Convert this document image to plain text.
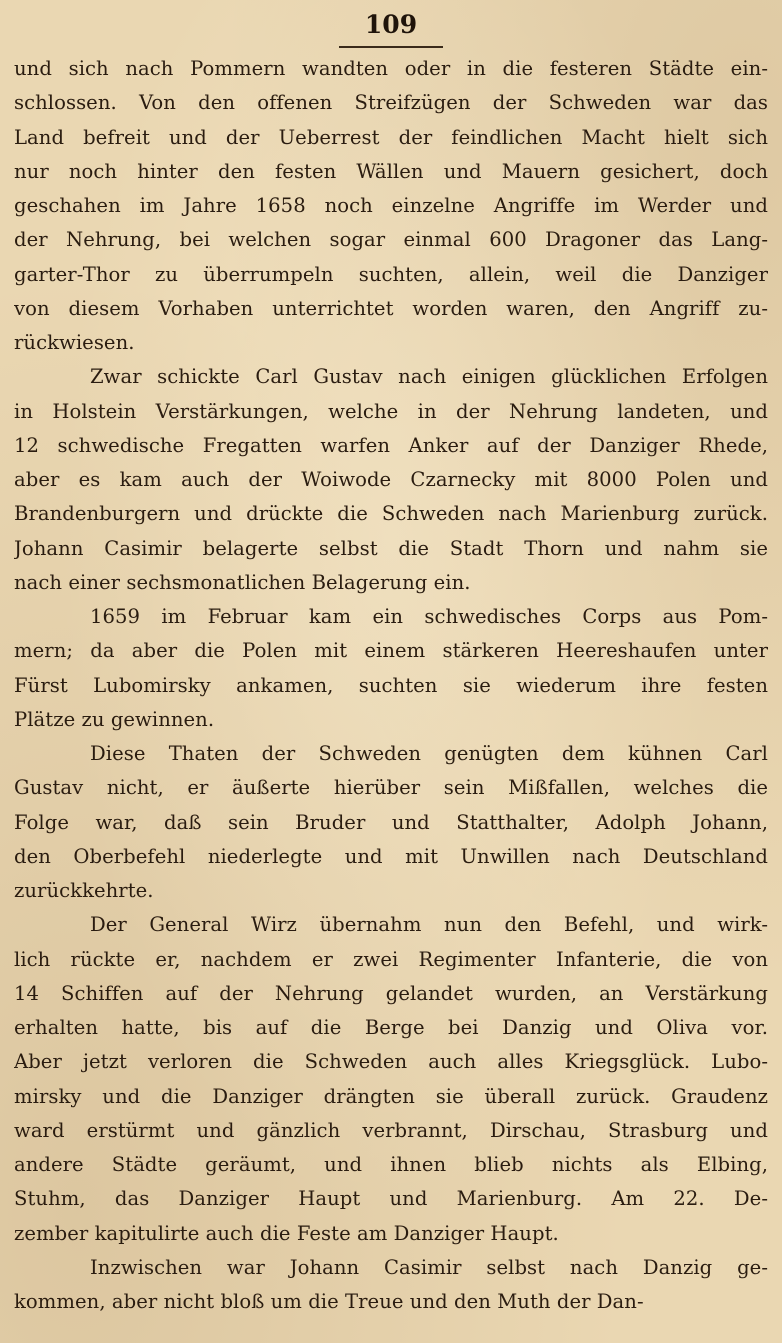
109
und sich nach Pommern wandten oder in die festeren Städte ein-
schlossen. Von den offenen Streifzügen der Schweden war das
Land befreit und der Ueberrest der feindlichen Macht hielt sich
nur noch hinter den festen Wällen und Mauern gesichert, doch
geschahen im Jahre 1658 noch einzelne Angriffe im Werder und
der Nehrung, bei welchen sogar einmal 600 Dragoner das Lang-
garter-Thor zu überrumpeln suchten, allein, weil die Danziger
von diesem Vorhaben unterrichtet worden waren, den Angriff zu-
rückwiesen.
Zwar schickte Carl Gustav nach einigen glücklichen Erfolgen
in Holstein Verstärkungen, welche in der Nehrung landeten, und
12 schwedische Fregatten warfen Anker auf der Danziger Rhede,
aber es kam auch der Woiwode Czarnecky mit 8000 Polen und
Brandenburgern und drückte die Schweden nach Marienburg zurück.
Johann Casimir belagerte selbst die Stadt Thorn und nahm sie
nach einer sechsmonatlichen Belagerung ein.
1659 im Februar kam ein schwedisches Corps aus Pom-
mern; da aber die Polen mit einem stärkeren Heereshaufen unter
Fürst Lubomirsky ankamen, suchten sie wiederum ihre festen
Plätze zu gewinnen.
Diese Thaten der Schweden genügten dem kühnen Carl
Gustav nicht, er äußerte hierüber sein Mißfallen, welches die
Folge war, daß sein Bruder und Statthalter, Adolph Johann,
den Oberbefehl niederlegte und mit Unwillen nach Deutschland
zurückkehrte.
Der General Wirz übernahm nun den Befehl, und wirk-
lich rückte er, nachdem er zwei Regimenter Infanterie, die von
14 Schiffen auf der Nehrung gelandet wurden, an Verstärkung
erhalten hatte, bis auf die Berge bei Danzig und Oliva vor.
Aber jetzt verloren die Schweden auch alles Kriegsglück. Lubo-
mirsky und die Danziger drängten sie überall zurück. Graudenz
ward erstürmt und gänzlich verbrannt, Dirschau, Strasburg und
andere Städte geräumt, und ihnen blieb nichts als Elbing,
Stuhm, das Danziger Haupt und Marienburg. Am 22. De-
zember kapitulirte auch die Feste am Danziger Haupt.
Inzwischen war Johann Casimir selbst nach Danzig ge-
kommen, aber nicht bloß um die Treue und den Muth der Dan-
